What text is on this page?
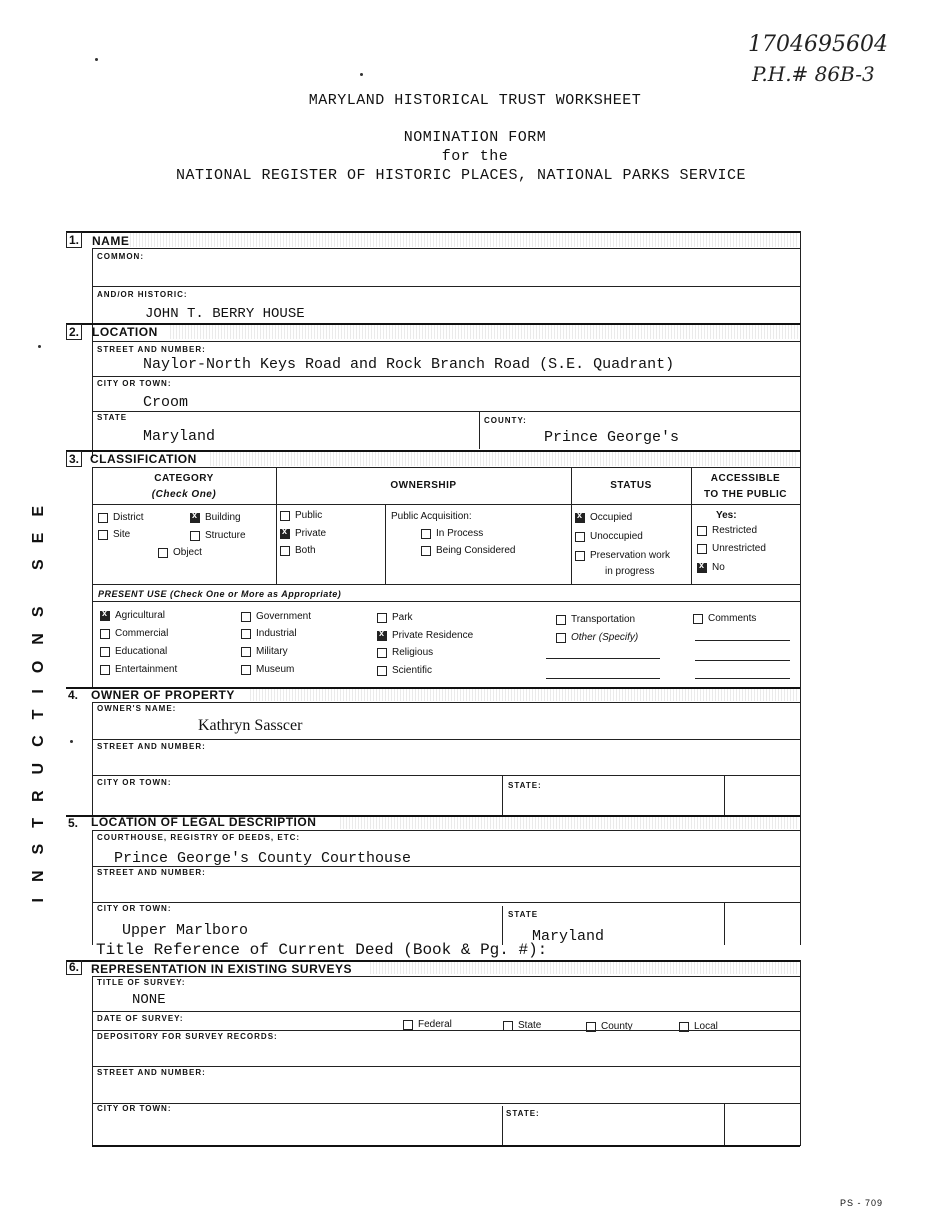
1704695604
P.H.# 86B-3
MARYLAND HISTORICAL TRUST WORKSHEET
NOMINATION FORM
for the
NATIONAL REGISTER OF HISTORIC PLACES, NATIONAL PARKS SERVICE
INSTRUCTIONS SEE
1. NAME
COMMON:
AND/OR HISTORIC:
JOHN T. BERRY HOUSE
2. LOCATION
STREET AND NUMBER:
Naylor-North Keys Road and Rock Branch Road (S.E. Quadrant)
CITY OR TOWN:
Croom
STATE
Maryland
COUNTY:
Prince George's
3. CLASSIFICATION
CATEGORY
(Check One)
OWNERSHIP	STATUS
ACCESSIBLE
TO THE PUBLIC
District
x	Building
Site	Structure
Object
Public
x
Private
Both
Public Acquisition:
In Process
Being Considered
x
Occupied
Unoccupied
Preservation work
in progress
Yes:
Restricted
Unrestricted
x
No
PRESENT USE (Check One or More as Appropriate)
x
Agricultural
Commercial
Educational
Entertainment
Government
Industrial
Military
Museum
Park
x
Private Residence
Religious
Scientific
Transportation
Other (Specify)
Comments
4. OWNER OF PROPERTY
OWNER'S NAME:
Kathryn Sasscer
STREET AND NUMBER:
CITY OR TOWN:	STATE:
5. LOCATION OF LEGAL DESCRIPTION
COURTHOUSE, REGISTRY OF DEEDS, ETC:
Prince George's County Courthouse
STREET AND NUMBER:
CITY OR TOWN:
Upper Marlboro
STATE
Maryland
Title Reference of Current Deed (Book & Pg. #):
6. REPRESENTATION IN EXISTING SURVEYS
TITLE OF SURVEY:
NONE
DATE OF SURVEY:
Federal	State	County	Local
DEPOSITORY FOR SURVEY RECORDS:
STREET AND NUMBER:
CITY OR TOWN:
STATE:
PS - 709
